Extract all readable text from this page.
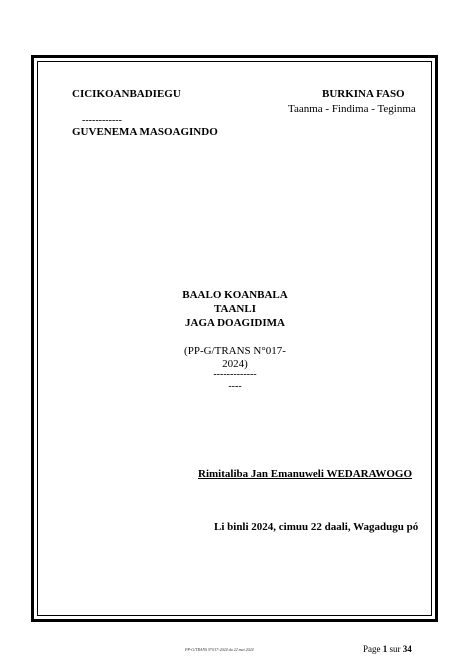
CICIKOANBADIEGU
------------
GUVENEMA MASOAGINDO
BURKINA FASO
Taanma - Findima - Teginma
BAALO KOANBALA
TAANLI
JAGA DOAGIDIMA
(PP-G/TRANS N°017-
2024)
-------------
----
Rimitaliba Jan Emanuweli WEDARAWOGO
Li binli 2024, cimuu 22 daali, Wagadugu pó
PP-G/TRANS N°017-2024 du 22 mai 2024	Page 1 sur 34
